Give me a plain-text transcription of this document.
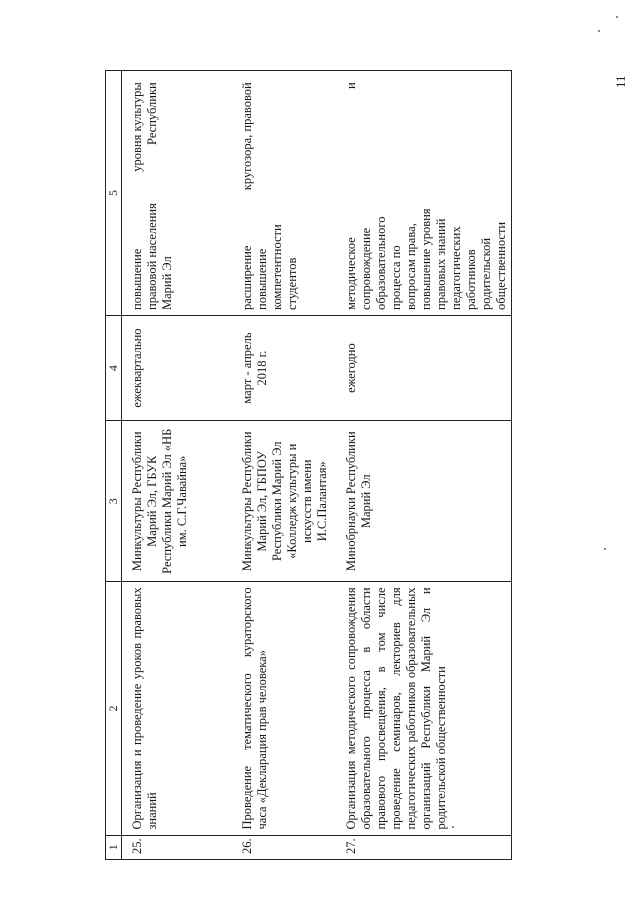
11
1	2	3	4	5
25.	Организация и проведение уроков правовых знаний	Минкультуры Республики Марий Эл, ГБУК Республики Марий Эл «НБ им. С.Г.Чавайна»	ежеквартально	повышение правовой населения Марий Эл уровня культуры Республики
26.	Проведение тематического кураторского часа «Декларация прав человека»	Минкультуры Республики Марий Эл, ГБПОУ Республики Марий Эл «Колледж культуры и искусств имени И.С.Палантая»	март - апрель 2018 г.	расширение повышение компетентности студентов кругозора, правовой
27.	Организация методического сопровождения образовательного процесса в области правового просвещения, в том числе проведение семинаров, лекториев для педагогических работников образовательных организаций Республики Марий Эл и родительской общественности	Минобрнауки Республики Марий Эл	ежегодно	методическое сопровождение образовательного процесса по вопросам права, повышение уровня правовых знаний педагогических работников родительской общественности и
